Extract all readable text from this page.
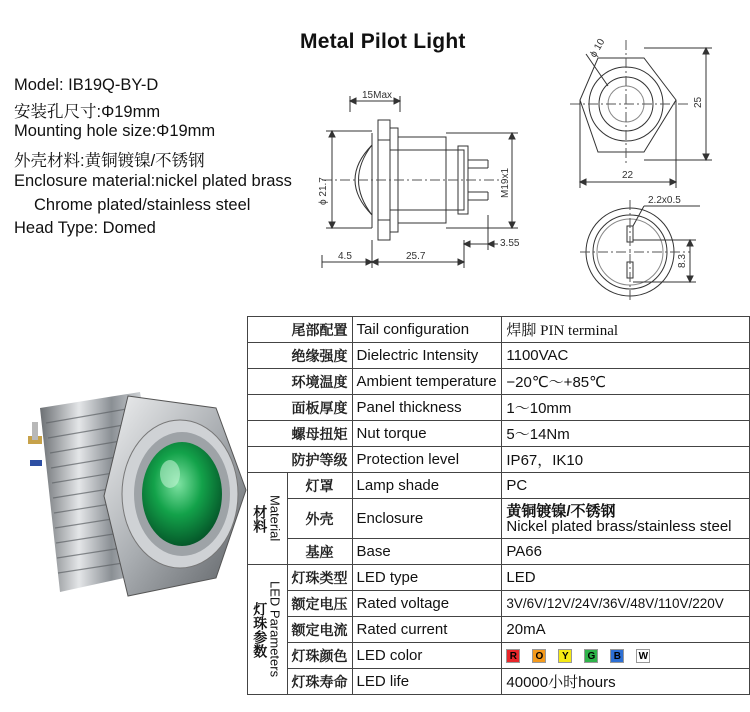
Metal Pilot Light
Model: IB19Q-BY-D
安装孔尺寸:Φ19mm
Mounting hole size:Φ19mm
外壳材料:黄铜镀镍/不锈钢
Enclosure material:nickel plated brass
Chrome plated/stainless steel
Head Type: Domed
15Max
ϕ 21.7	M19x1
4.5	25.7
3.55
ϕ 10
25
22
2.2x0.5
8.3
尾部配置		Tail configuration	焊脚 PIN terminal
绝缘强度		Dielectric Intensity	1100VAC
环境温度		Ambient temperature	−20℃～+85℃
面板厚度		Panel thickness	1～10mm
螺母扭矩		Nut torque	5～14Nm
防护等级		Protection level	IP67，IK10

材料 Material	灯罩	Lamp shade	PC
	外壳	Enclosure	黄铜镀镍/不锈钢
Nickel plated brass/stainless steel

	基座	Base	PA66

灯珠参数 LED Parameters	灯珠类型	LED type	LED
	额定电压	Rated voltage	3V/6V/12V/24V/36V/48V/110V/220V
	额定电流	Rated current	20mA
	灯珠颜色	LED color	R O Y G B W
	灯珠寿命	LED life	40000小时hours
